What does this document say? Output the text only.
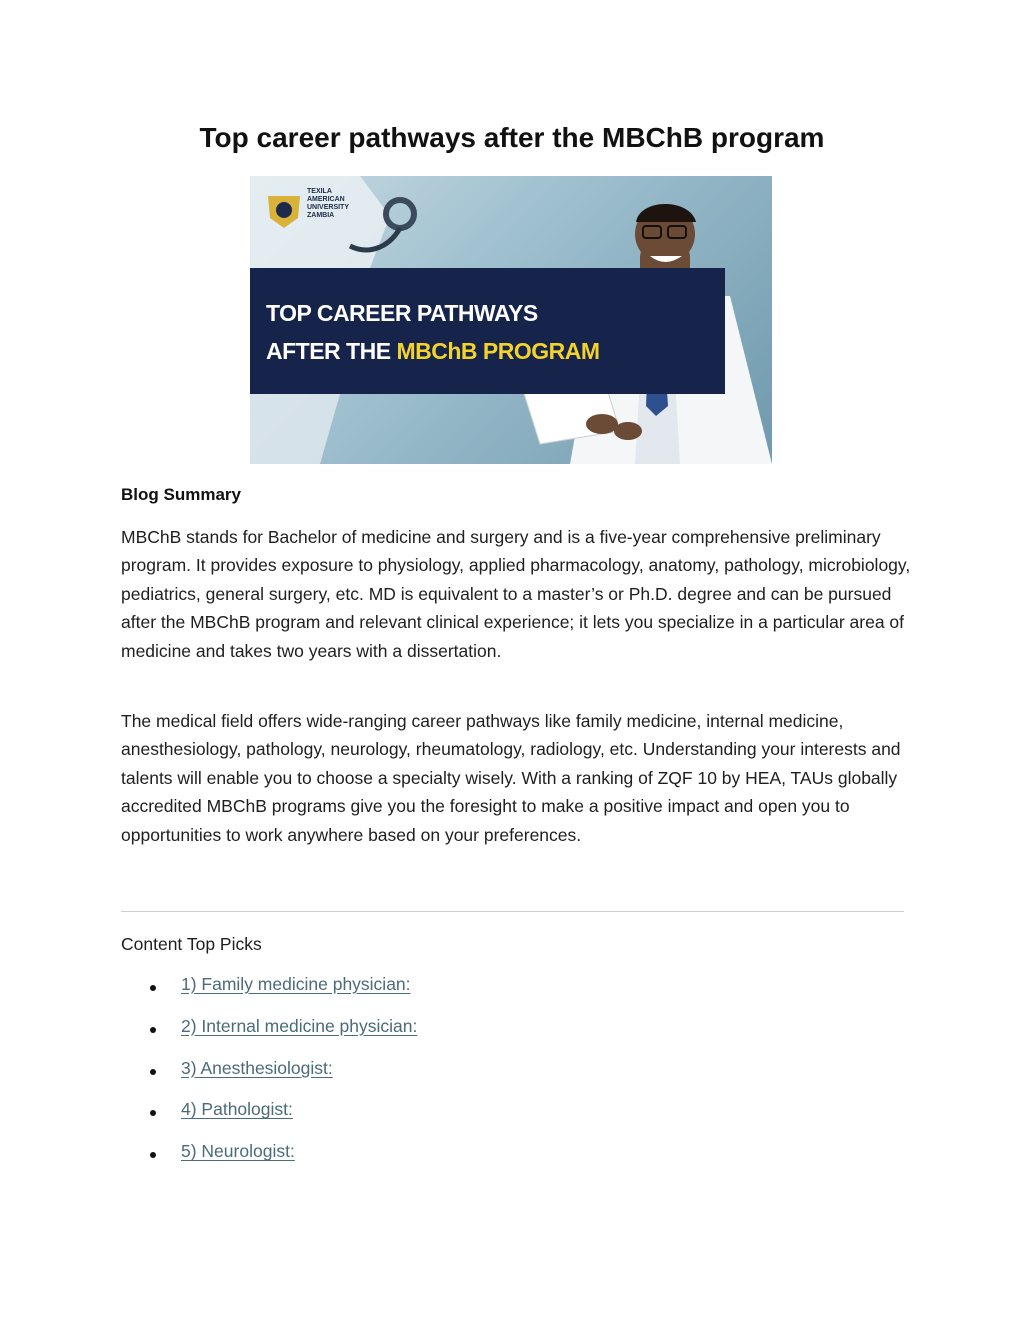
Top career pathways after the MBChB program
TEXILA AMERICAN UNIVERSITY ZAMBIA
TOP CAREER PATHWAYS
AFTER THE MBChB PROGRAM
Blog Summary

MBChB stands for Bachelor of medicine and surgery and is a five-year comprehensive preliminary program. It provides exposure to physiology, applied pharmacology, anatomy, pathology, microbiology, pediatrics, general surgery, etc. MD is equivalent to a master’s or Ph.D. degree and can be pursued after the MBChB program and relevant clinical experience; it lets you specialize in a particular area of medicine and takes two years with a dissertation.

The medical field offers wide-ranging career pathways like family medicine, internal medicine, anesthesiology, pathology, neurology, rheumatology, radiology, etc. Understanding your interests and talents will enable you to choose a specialty wisely. With a ranking of ZQF 10 by HEA, TAUs globally accredited MBChB programs give you the foresight to make a positive impact and open you to opportunities to work anywhere based on your preferences.

Content Top Picks
1) Family medicine physician:
2) Internal medicine physician:
3) Anesthesiologist:
4) Pathologist:
5) Neurologist:
